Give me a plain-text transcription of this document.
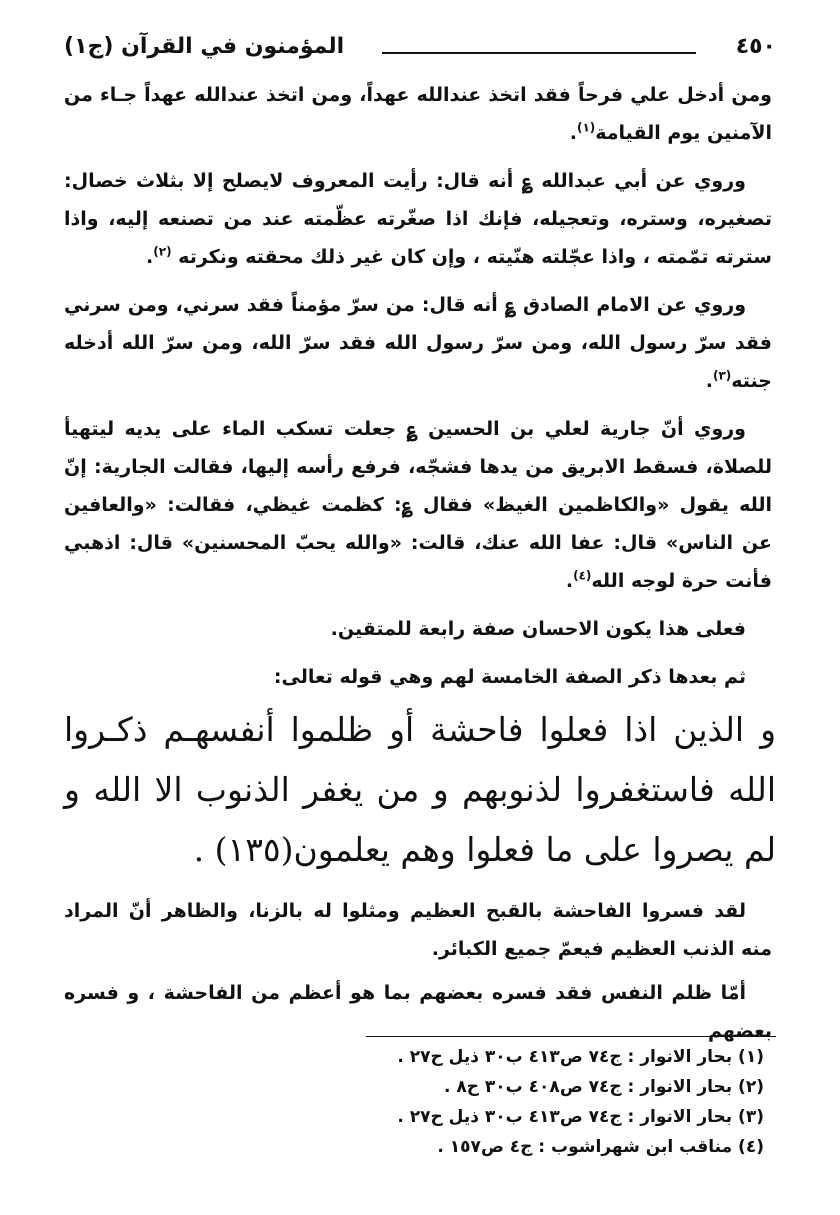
المؤمنون في القرآن (ج١)	٤٥٠

ومن أدخل علي فرحاً فقد اتخذ عندالله عهداً، ومن اتخذ عندالله عهداً جـاء من الآمنين يوم القيامة$^{(١)}$.

وروي عن أبي عبدالله ؏ أنه قال: رأيت المعروف لايصلح إلا بثلاث خصال: تصغيره، وستره، وتعجيله، فإنك اذا صغّرته عظّمته عند من تصنعه إليه، واذا سترته تمّمته ، واذا عجّلته هنّيته ، وإن كان غير ذلك محقته ونكرته $^{(٢)}$.

وروي عن الامام الصادق ؏ أنه قال: من سرّ مؤمناً فقد سرني، ومن سرني فقد سرّ رسول الله، ومن سرّ رسول الله فقد سرّ الله، ومن سرّ الله أدخله جنته$^{(٣)}$.

وروي أنّ جارية لعلي بن الحسين ؏ جعلت تسكب الماء على يديه ليتهيأ للصلاة، فسقط الابريق من يدها فشجّه، فرفع رأسه إليها، فقالت الجارية: إنّ الله يقول «والكاظمين الغيظ» فقال ؏: كظمت غيظي، فقالت: «والعافين عن الناس» قال: عفا الله عنك، قالت: «والله يحبّ المحسنين» قال: اذهبي فأنت حرة لوجه الله$^{(٤)}$.

فعلى هذا يكون الاحسان صفة رابعة للمتقين.

ثم بعدها ذكر الصفة الخامسة لهم وهي قوله تعالى:

و الذين اذا فعلوا فاحشة أو ظلموا أنفسهـم ذكـروا الله فاستغفروا لذنوبهم و من يغفر الذنوب الا الله و لم يصروا على ما فعلوا وهم يعلمون(١٣٥) .

لقد فسروا الفاحشة بالقبح العظيم ومثلوا له بالزنا، والظاهر أنّ المراد منه الذنب العظيم فيعمّ جميع الكبائر.

أمّا ظلم النفس فقد فسره بعضهم بما هو أعظم من الفاحشة ، و فسره بعضهم

(١) بحار الانوار : ج٧٤ ص٤١٣ ب٣٠ ذيل ح٢٧ .
(٢) بحار الانوار : ج٧٤ ص٤٠٨ ب٣٠ ح٨ .
(٣) بحار الانوار : ج٧٤ ص٤١٣ ب٣٠ ذيل ح٢٧ .
(٤) مناقب ابن شهراشوب : ج٤ ص١٥٧ .
